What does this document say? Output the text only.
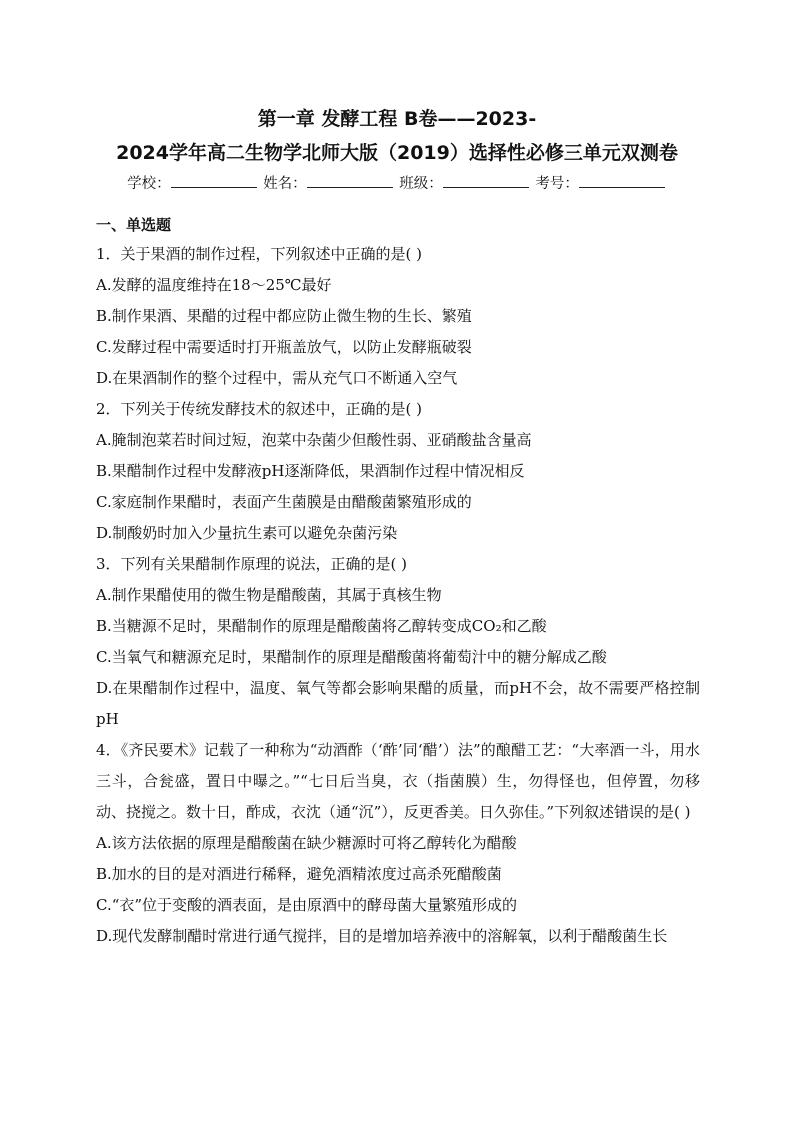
第一章 发酵工程 B卷——2023-
2024学年高二生物学北师大版（2019）选择性必修三单元双测卷
学校：	姓名：	班级：	考号：
一、单选题
1．关于果酒的制作过程，下列叙述中正确的是( )
A.发酵的温度维持在18～25℃最好
B.制作果酒、果醋的过程中都应防止微生物的生长、繁殖
C.发酵过程中需要适时打开瓶盖放气，以防止发酵瓶破裂
D.在果酒制作的整个过程中，需从充气口不断通入空气
2．下列关于传统发酵技术的叙述中，正确的是( )
A.腌制泡菜若时间过短，泡菜中杂菌少但酸性弱、亚硝酸盐含量高
B.果醋制作过程中发酵液pH逐渐降低，果酒制作过程中情况相反
C.家庭制作果醋时，表面产生菌膜是由醋酸菌繁殖形成的
D.制酸奶时加入少量抗生素可以避免杂菌污染
3．下列有关果醋制作原理的说法，正确的是( )
A.制作果醋使用的微生物是醋酸菌，其属于真核生物
B.当糖源不足时，果醋制作的原理是醋酸菌将乙醇转变成CO₂和乙酸
C.当氧气和糖源充足时，果醋制作的原理是醋酸菌将葡萄汁中的糖分解成乙酸
D.在果醋制作过程中，温度、氧气等都会影响果醋的质量，而pH不会，故不需要严格控制pH
4．《齐民要术》记载了一种称为“动酒酢（‘酢’同‘醋’）法”的酿醋工艺：“大率酒一斗，用水三斗，合瓮盛，置日中曝之。”“七日后当臭，衣（指菌膜）生，勿得怪也，但停置，勿移动、挠搅之。数十日，酢成，衣沈（通“沉”），反更香美。日久弥佳。”下列叙述错误的是( )
A.该方法依据的原理是醋酸菌在缺少糖源时可将乙醇转化为醋酸
B.加水的目的是对酒进行稀释，避免酒精浓度过高杀死醋酸菌
C.“衣”位于变酸的酒表面，是由原酒中的酵母菌大量繁殖形成的
D.现代发酵制醋时常进行通气搅拌，目的是增加培养液中的溶解氧，以利于醋酸菌生长
